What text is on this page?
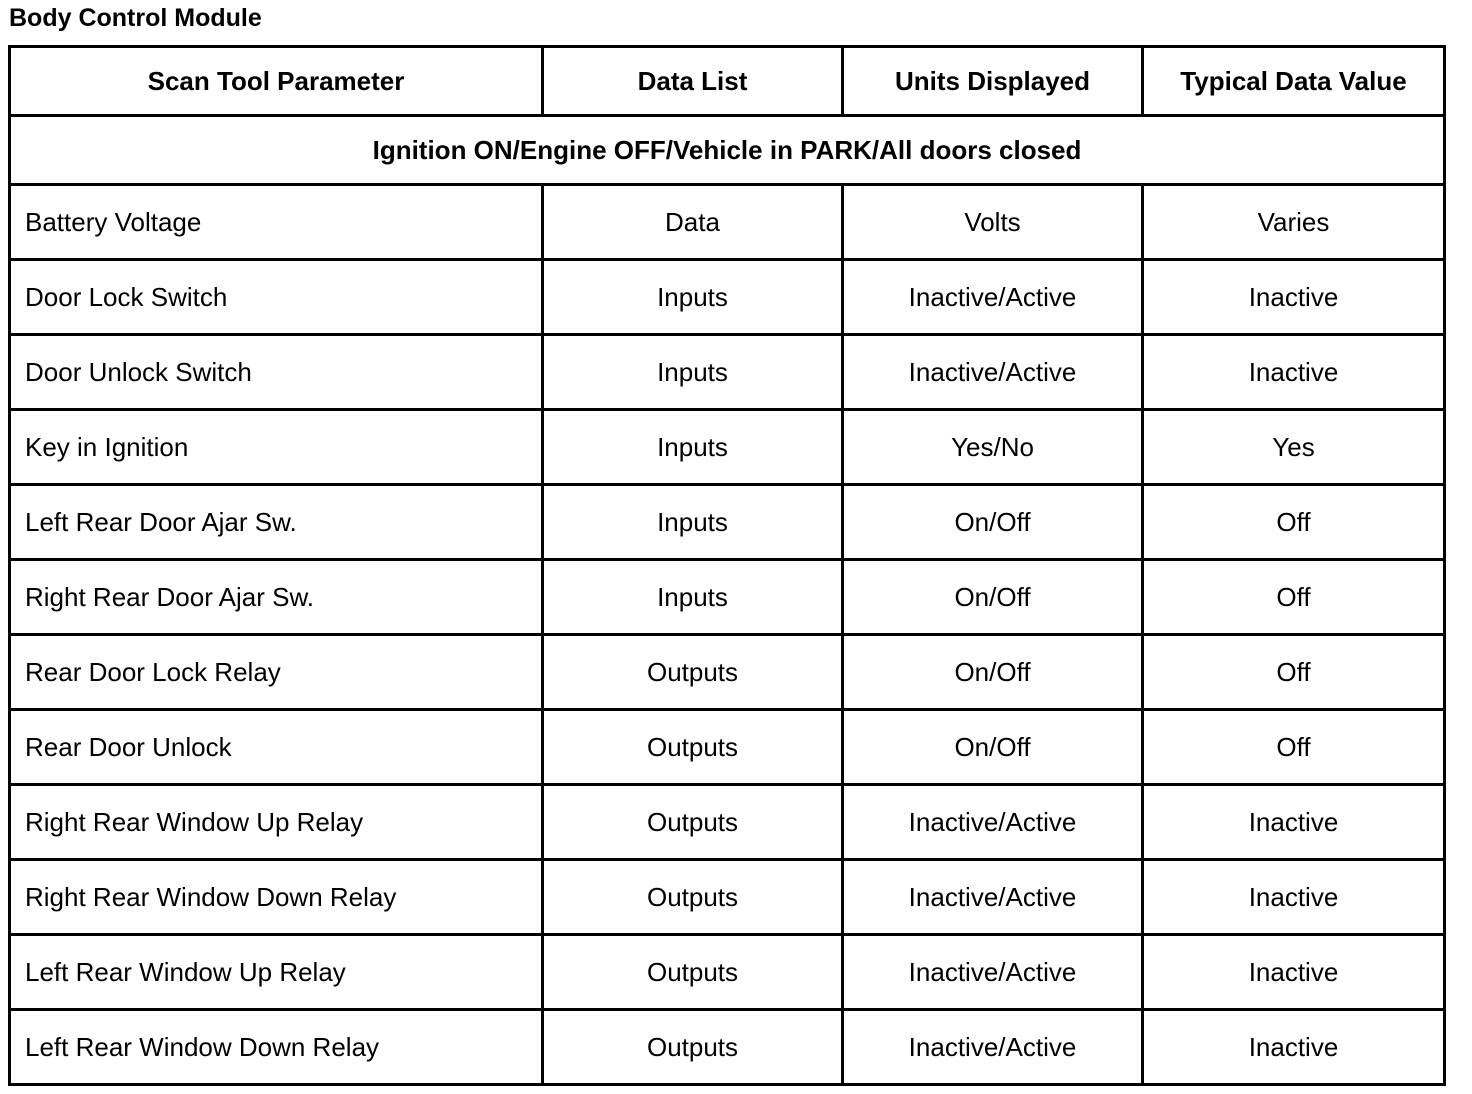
Body Control Module
Scan Tool Parameter	Data List	Units Displayed	Typical Data Value
Ignition ON/Engine OFF/Vehicle in PARK/All doors closed			
Battery Voltage	Data	Volts	Varies
Door Lock Switch	Inputs	Inactive/Active	Inactive
Door Unlock Switch	Inputs	Inactive/Active	Inactive
Key in Ignition	Inputs	Yes/No	Yes
Left Rear Door Ajar Sw.	Inputs	On/Off	Off
Right Rear Door Ajar Sw.	Inputs	On/Off	Off
Rear Door Lock Relay	Outputs	On/Off	Off
Rear Door Unlock	Outputs	On/Off	Off
Right Rear Window Up Relay	Outputs	Inactive/Active	Inactive
Right Rear Window Down Relay	Outputs	Inactive/Active	Inactive
Left Rear Window Up Relay	Outputs	Inactive/Active	Inactive
Left Rear Window Down Relay	Outputs	Inactive/Active	Inactive
